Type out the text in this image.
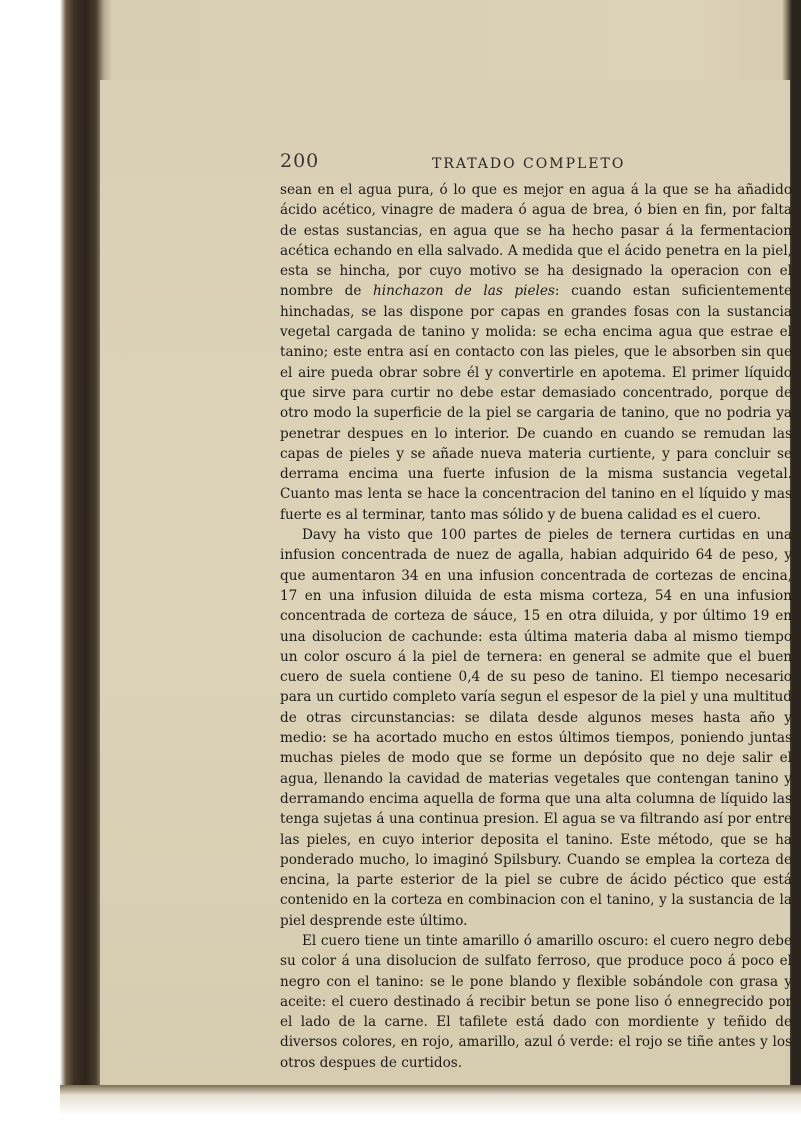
200	TRATADO COMPLETO

sean en el agua pura, ó lo que es mejor en agua á la que se ha añadido ácido acético, vinagre de madera ó agua de brea, ó bien en fin, por falta de estas sustancias, en agua que se ha hecho pasar á la fermentacion acética echando en ella salvado. A medida que el ácido penetra en la piel, esta se hincha, por cuyo motivo se ha designado la operacion con el nombre de hinchazon de las pieles: cuando estan suficientemente hinchadas, se las dispone por capas en grandes fosas con la sustancia vegetal cargada de tanino y molida: se echa encima agua que estrae el tanino; este entra así en contacto con las pieles, que le absorben sin que el aire pueda obrar sobre él y convertirle en apotema. El primer líquido que sirve para curtir no debe estar demasiado concentrado, porque de otro modo la superficie de la piel se cargaria de tanino, que no podria ya penetrar despues en lo interior. De cuando en cuando se remudan las capas de pieles y se añade nueva materia curtiente, y para concluir se derrama encima una fuerte infusion de la misma sustancia vegetal. Cuanto mas lenta se hace la concentracion del tanino en el líquido y mas fuerte es al terminar, tanto mas sólido y de buena calidad es el cuero.

Davy ha visto que 100 partes de pieles de ternera curtidas en una infusion concentrada de nuez de agalla, habian adquirido 64 de peso, y que aumentaron 34 en una infusion concentrada de cortezas de encina, 17 en una infusion diluida de esta misma corteza, 54 en una infusion concentrada de corteza de sáuce, 15 en otra diluida, y por último 19 en una disolucion de cachunde: esta última materia daba al mismo tiempo un color oscuro á la piel de ternera: en general se admite que el buen cuero de suela contiene 0,4 de su peso de tanino. El tiempo necesario para un curtido completo varía segun el espesor de la piel y una multitud de otras circunstancias: se dilata desde algunos meses hasta año y medio: se ha acortado mucho en estos últimos tiempos, poniendo juntas muchas pieles de modo que se forme un depósito que no deje salir el agua, llenando la cavidad de materias vegetales que contengan tanino y derramando encima aquella de forma que una alta columna de líquido las tenga sujetas á una continua presion. El agua se va filtrando así por entre las pieles, en cuyo interior deposita el tanino. Este método, que se ha ponderado mucho, lo imaginó Spilsbury. Cuando se emplea la corteza de encina, la parte esterior de la piel se cubre de ácido péctico que está contenido en la corteza en combinacion con el tanino, y la sustancia de la piel desprende este último.

El cuero tiene un tinte amarillo ó amarillo oscuro: el cuero negro debe su color á una disolucion de sulfato ferroso, que produce poco á poco el negro con el tanino: se le pone blando y flexible sobándole con grasa y aceite: el cuero destinado á recibir betun se pone liso ó ennegrecido por el lado de la carne. El tafilete está dado con mordiente y teñido de diversos colores, en rojo, amarillo, azul ó verde: el rojo se tiñe antes y los otros despues de curtidos.
